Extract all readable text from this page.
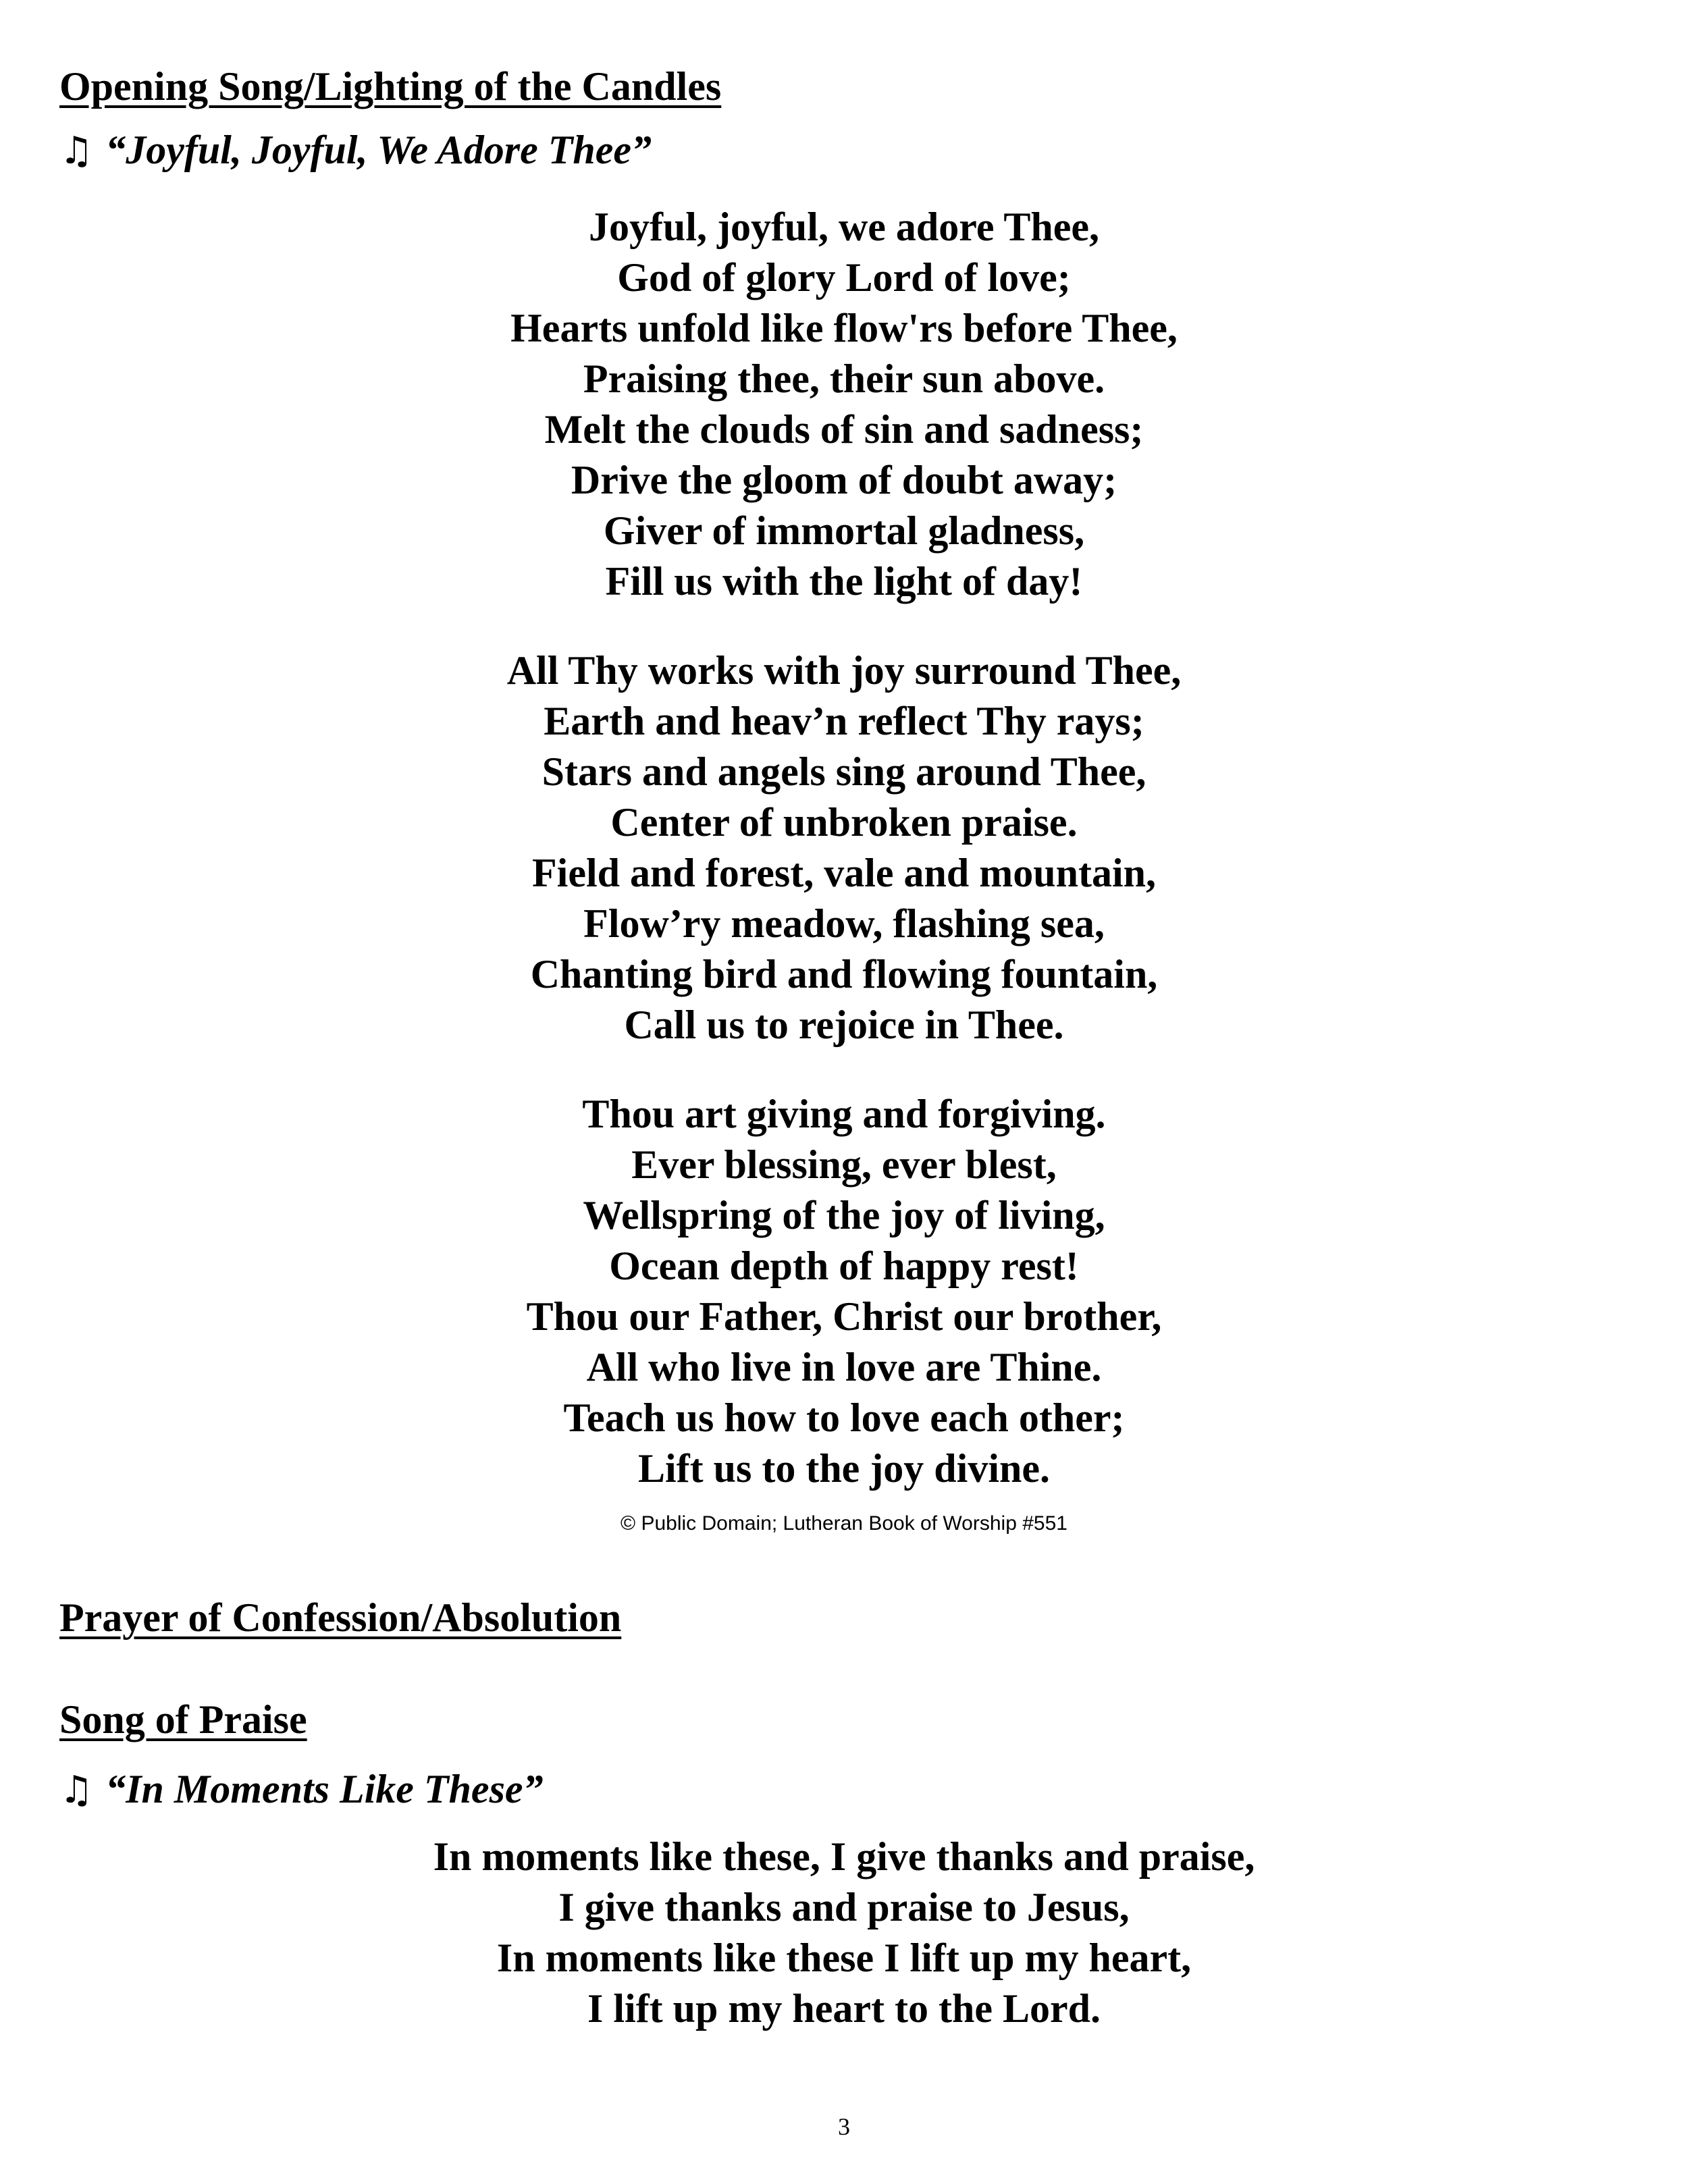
Opening Song/Lighting of the Candles
♫ “Joyful, Joyful, We Adore Thee”
Joyful, joyful, we adore Thee,
God of glory Lord of love;
Hearts unfold like flow'rs before Thee,
Praising thee, their sun above.
Melt the clouds of sin and sadness;
Drive the gloom of doubt away;
Giver of immortal gladness,
Fill us with the light of day!
All Thy works with joy surround Thee,
Earth and heav’n reflect Thy rays;
Stars and angels sing around Thee,
Center of unbroken praise.
Field and forest, vale and mountain,
Flow’ry meadow, flashing sea,
Chanting bird and flowing fountain,
Call us to rejoice in Thee.
Thou art giving and forgiving.
Ever blessing, ever blest,
Wellspring of the joy of living,
Ocean depth of happy rest!
Thou our Father, Christ our brother,
All who live in love are Thine.
Teach us how to love each other;
Lift us to the joy divine.
© Public Domain; Lutheran Book of Worship #551
Prayer of Confession/Absolution
Song of Praise
♫ “In Moments Like These”
In moments like these, I give thanks and praise,
I give thanks and praise to Jesus,
In moments like these I lift up my heart,
I lift up my heart to the Lord.
3
